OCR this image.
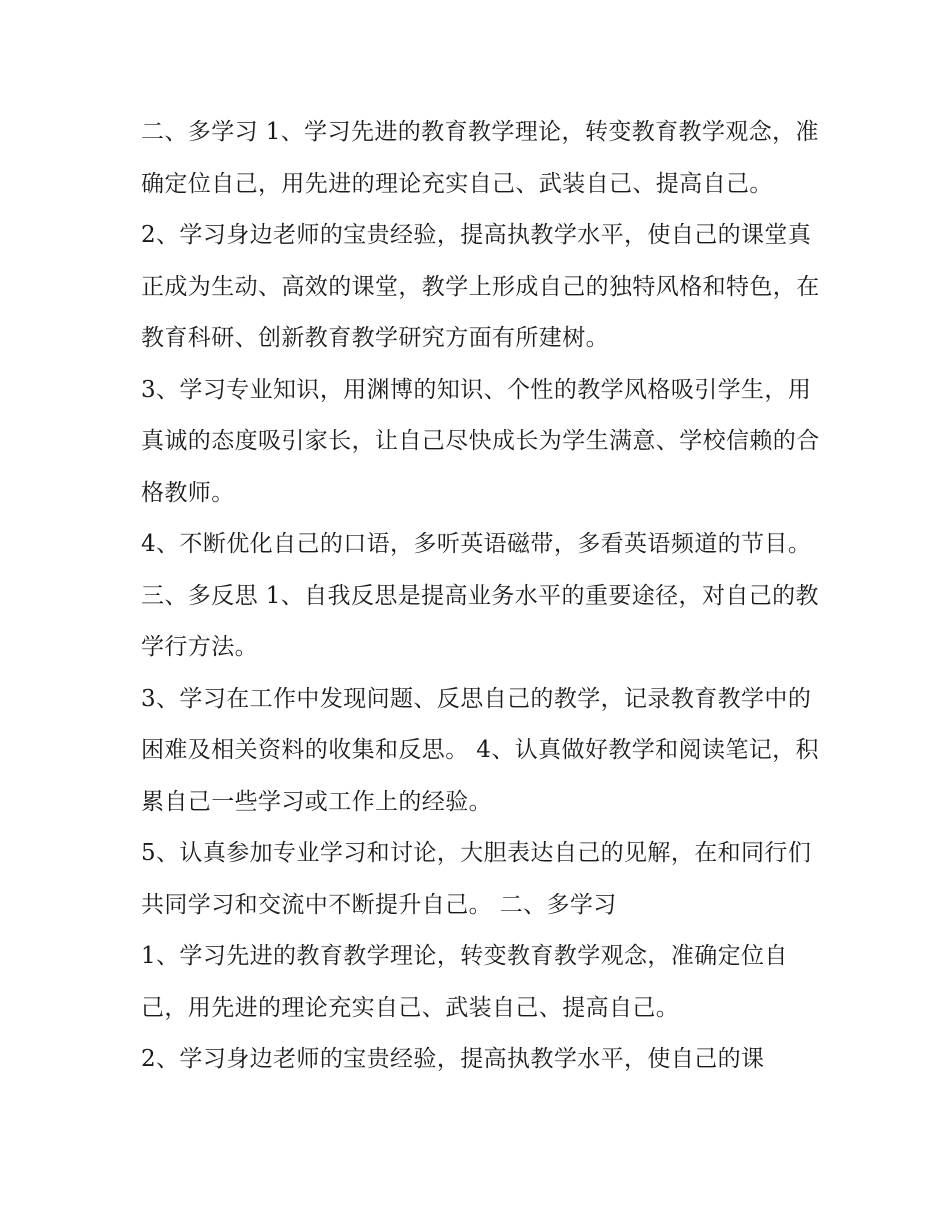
二、多学习 1、学习先进的教育教学理论，转变教育教学观念，准确定位自己，用先进的理论充实自己、武装自己、提高自己。

2、学习身边老师的宝贵经验，提高执教学水平，使自己的课堂真正成为生动、高效的课堂，教学上形成自己的独特风格和特色，在教育科研、创新教育教学研究方面有所建树。

3、学习专业知识，用渊博的知识、个性的教学风格吸引学生，用真诚的态度吸引家长，让自己尽快成长为学生满意、学校信赖的合格教师。

4、不断优化自己的口语，多听英语磁带，多看英语频道的节目。 三、多反思 1、自我反思是提高业务水平的重要途径，对自己的教学行方法。

3、学习在工作中发现问题、反思自己的教学，记录教育教学中的困难及相关资料的收集和反思。 4、认真做好教学和阅读笔记，积累自己一些学习或工作上的经验。

5、认真参加专业学习和讨论，大胆表达自己的见解，在和同行们共同学习和交流中不断提升自己。 二、多学习

1、学习先进的教育教学理论，转变教育教学观念，准确定位自己，用先进的理论充实自己、武装自己、提高自己。

2、学习身边老师的宝贵经验，提高执教学水平，使自己的课
